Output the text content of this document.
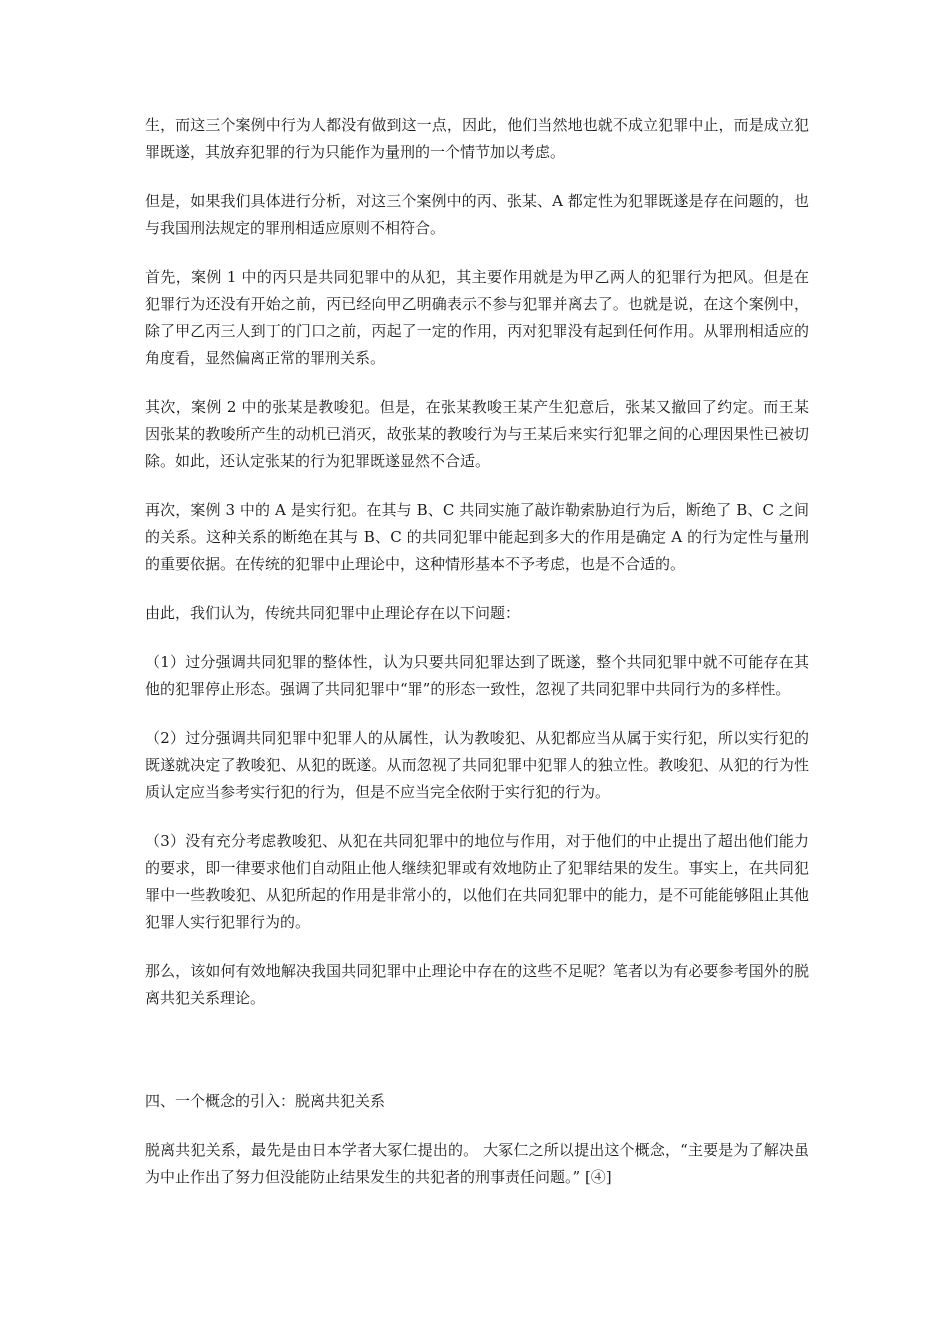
生，而这三个案例中行为人都没有做到这一点，因此，他们当然地也就不成立犯罪中止，而是成立犯罪既遂，其放弃犯罪的行为只能作为量刑的一个情节加以考虑。

但是，如果我们具体进行分析，对这三个案例中的丙、张某、A 都定性为犯罪既遂是存在问题的，也与我国刑法规定的罪刑相适应原则不相符合。

首先，案例 1 中的丙只是共同犯罪中的从犯，其主要作用就是为甲乙两人的犯罪行为把风。但是在犯罪行为还没有开始之前，丙已经向甲乙明确表示不参与犯罪并离去了。也就是说，在这个案例中，除了甲乙丙三人到丁的门口之前，丙起了一定的作用，丙对犯罪没有起到任何作用。从罪刑相适应的角度看，显然偏离正常的罪刑关系。

其次，案例 2 中的张某是教唆犯。但是，在张某教唆王某产生犯意后，张某又撤回了约定。而王某因张某的教唆所产生的动机已消灭，故张某的教唆行为与王某后来实行犯罪之间的心理因果性已被切除。如此，还认定张某的行为犯罪既遂显然不合适。

再次，案例 3 中的 A 是实行犯。在其与 B、C 共同实施了敲诈勒索胁迫行为后，断绝了 B、C 之间的关系。这种关系的断绝在其与 B、C 的共同犯罪中能起到多大的作用是确定 A 的行为定性与量刑的重要依据。在传统的犯罪中止理论中，这种情形基本不予考虑，也是不合适的。

由此，我们认为，传统共同犯罪中止理论存在以下问题：

（1）过分强调共同犯罪的整体性，认为只要共同犯罪达到了既遂，整个共同犯罪中就不可能存在其他的犯罪停止形态。强调了共同犯罪中“罪”的形态一致性，忽视了共同犯罪中共同行为的多样性。

（2）过分强调共同犯罪中犯罪人的从属性，认为教唆犯、从犯都应当从属于实行犯，所以实行犯的既遂就决定了教唆犯、从犯的既遂。从而忽视了共同犯罪中犯罪人的独立性。教唆犯、从犯的行为性质认定应当参考实行犯的行为，但是不应当完全依附于实行犯的行为。

（3）没有充分考虑教唆犯、从犯在共同犯罪中的地位与作用，对于他们的中止提出了超出他们能力的要求，即一律要求他们自动阻止他人继续犯罪或有效地防止了犯罪结果的发生。事实上，在共同犯罪中一些教唆犯、从犯所起的作用是非常小的，以他们在共同犯罪中的能力，是不可能能够阻止其他犯罪人实行犯罪行为的。

那么，该如何有效地解决我国共同犯罪中止理论中存在的这些不足呢？笔者以为有必要参考国外的脱离共犯关系理论。

四、一个概念的引入：脱离共犯关系

脱离共犯关系，最先是由日本学者大冢仁提出的。 大冢仁之所以提出这个概念，“主要是为了解决虽为中止作出了努力但没能防止结果发生的共犯者的刑事责任问题。” [④]
